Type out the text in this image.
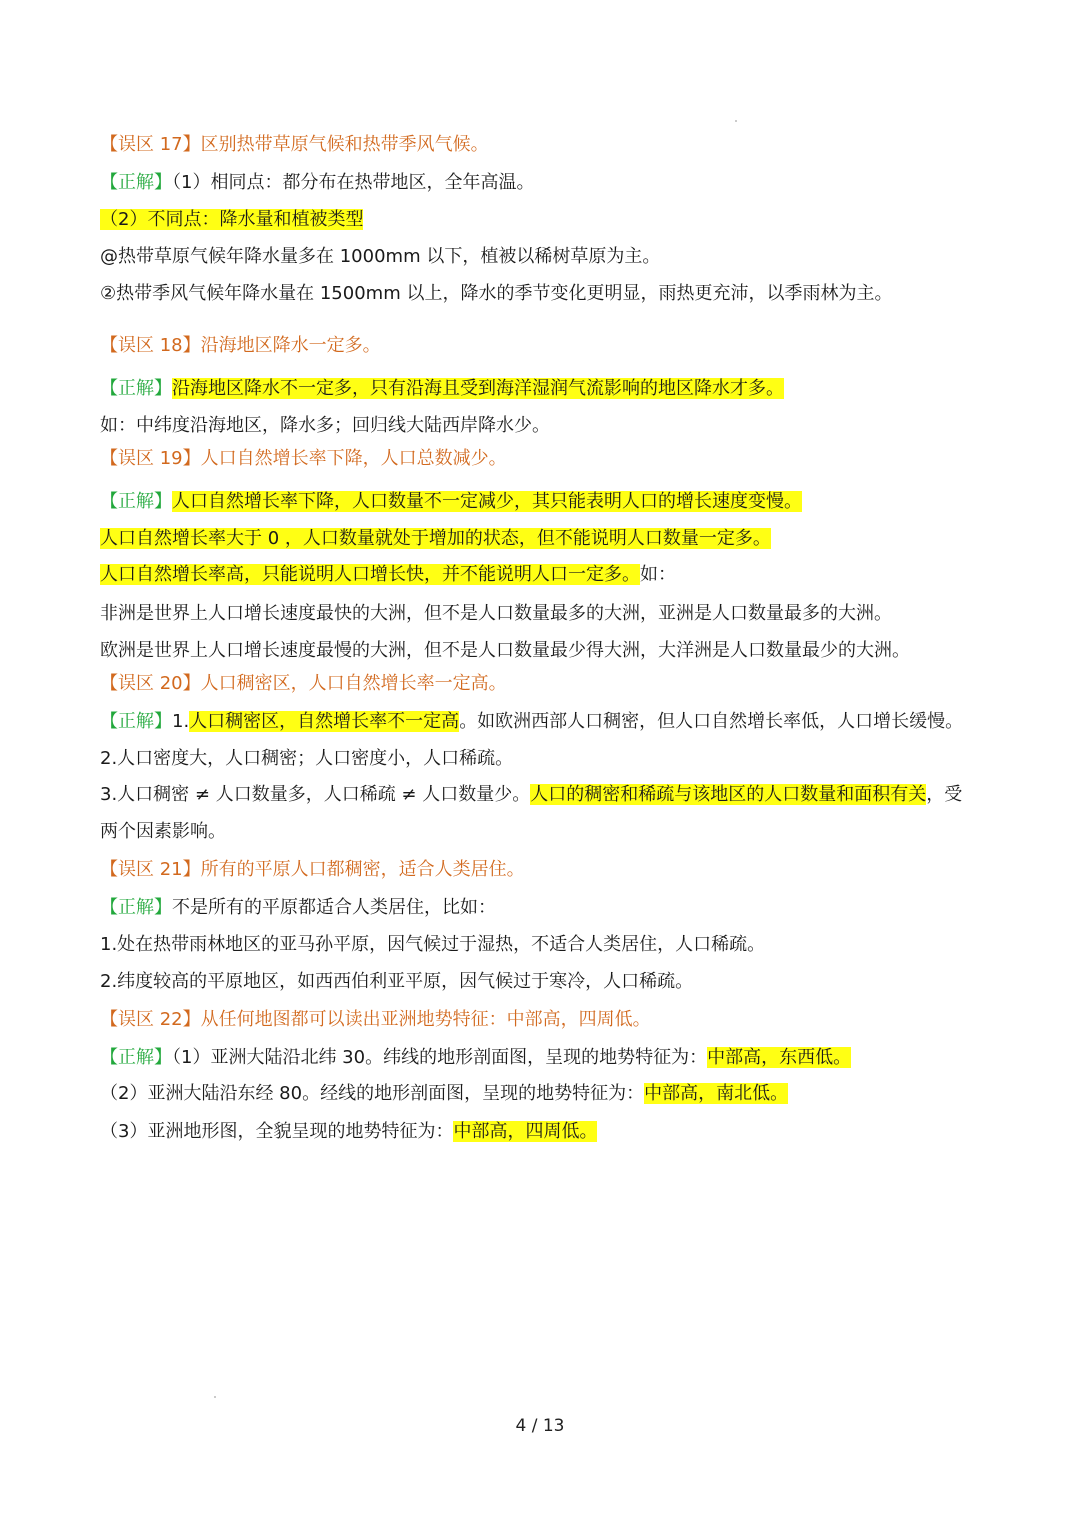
【误区 17】区别热带草原气候和热带季风气候。
【正解】（1）相同点：都分布在热带地区，全年高温。
（2）不同点：降水量和植被类型
@热带草原气候年降水量多在 1000mm 以下，植被以稀树草原为主。
②热带季风气候年降水量在 1500mm 以上，降水的季节变化更明显，雨热更充沛，以季雨林为主。
【误区 18】沿海地区降水一定多。
【正解】沿海地区降水不一定多，只有沿海且受到海洋湿润气流影响的地区降水才多。
如：中纬度沿海地区，降水多；回归线大陆西岸降水少。
【误区 19】人口自然增长率下降，人口总数减少。
【正解】人口自然增长率下降，人口数量不一定减少，其只能表明人口的增长速度变慢。
人口自然增长率大于 0 ，人口数量就处于增加的状态，但不能说明人口数量一定多。
人口自然增长率高，只能说明人口增长快，并不能说明人口一定多。如：
非洲是世界上人口增长速度最快的大洲，但不是人口数量最多的大洲，亚洲是人口数量最多的大洲。
欧洲是世界上人口增长速度最慢的大洲，但不是人口数量最少得大洲，大洋洲是人口数量最少的大洲。
【误区 20】人口稠密区，人口自然增长率一定高。
【正解】1.人口稠密区，自然增长率不一定高。如欧洲西部人口稠密，但人口自然增长率低，人口增长缓慢。
2.人口密度大，人口稠密；人口密度小，人口稀疏。
3.人口稠密 ≠ 人口数量多，人口稀疏 ≠ 人口数量少。人口的稠密和稀疏与该地区的人口数量和面积有关，受
两个因素影响。
【误区 21】所有的平原人口都稠密，适合人类居住。
【正解】不是所有的平原都适合人类居住，比如：
1.处在热带雨林地区的亚马孙平原，因气候过于湿热，不适合人类居住，人口稀疏。
2.纬度较高的平原地区，如西西伯利亚平原，因气候过于寒冷，人口稀疏。
【误区 22】从任何地图都可以读出亚洲地势特征：中部高，四周低。
【正解】（1）亚洲大陆沿北纬 30。纬线的地形剖面图，呈现的地势特征为：中部高，东西低。
（2）亚洲大陆沿东经 80。经线的地形剖面图，呈现的地势特征为：中部高，南北低。
（3）亚洲地形图，全貌呈现的地势特征为：中部高，四周低。
4 / 13
